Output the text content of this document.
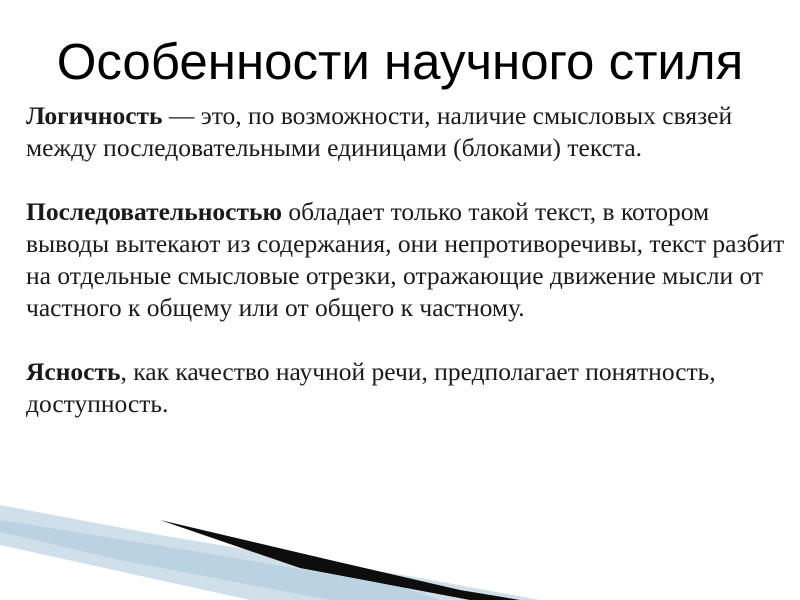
Особенности научного стиля

Логичность — это, по возможности, наличие смысловых связей между последовательными единицами (блоками) текста.

Последовательностью обладает только такой текст, в котором выводы вытекают из содержания, они непротиворечивы, текст разбит на отдельные смысловые отрезки, отражающие движение мысли от частного к общему или от общего к частному.

Ясность, как качество научной речи, предполагает понятность, доступность.
